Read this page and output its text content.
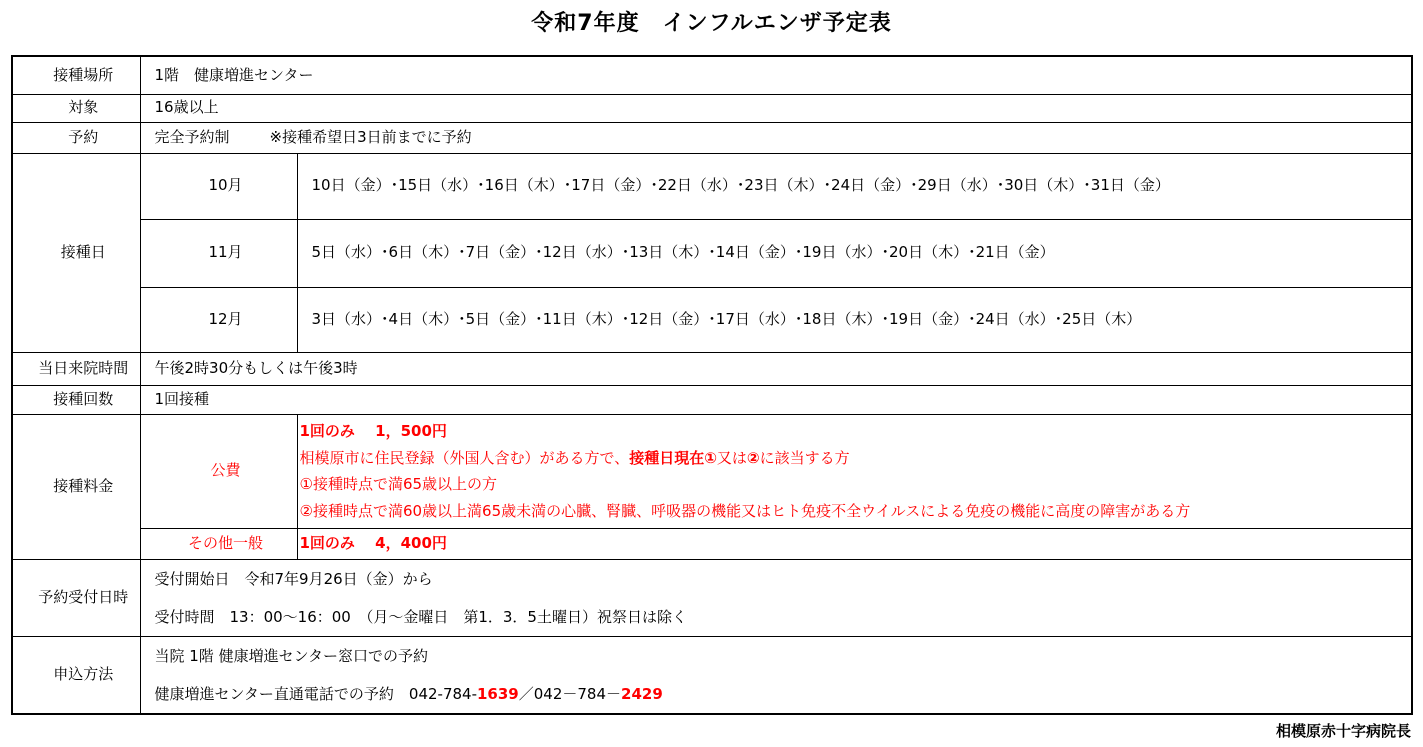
令和7年度　インフルエンザ予定表
接種場所	1階　健康増進センター	
対象	16歳以上	
予約	完全予約制 ※接種希望日3日前までに予約	
接種日	10月	10日（金）･15日（水）･16日（木）･17日（金）･22日（水）･23日（木）･24日（金）･29日（水）･30日（木）･31日（金）
	11月	5日（水）･6日（木）･7日（金）･12日（水）･13日（木）･14日（金）･19日（水）･20日（木）･21日（金）
	12月	3日（水）･4日（木）･5日（金）･11日（木）･12日（金）･17日（水）･18日（木）･19日（金）･24日（水）･25日（木）
当日来院時間	午後2時30分もしくは午後3時	
接種回数	1回接種	
接種料金	公費	1回のみ　 1，500円
相模原市に住民登録（外国人含む）がある方で、接種日現在①又は②に該当する方
①接種時点で満65歳以上の方
②接種時点で満60歳以上満65歳未満の心臓、腎臓、呼吸器の機能又はヒト免疫不全ウイルスによる免疫の機能に高度の障害がある方

	その他一般	1回のみ　 4，400円
予約受付日時	受付開始日　令和7年9月26日（金）から
受付時間　13：00～16：00　（月～金曜日　第1．3．5土曜日）祝祭日は除く	

申込方法	当院 1階 健康増進センター窓口での予約
健康増進センター直通電話での予約　042-784-1639／042－784－2429	
相模原赤十字病院長
